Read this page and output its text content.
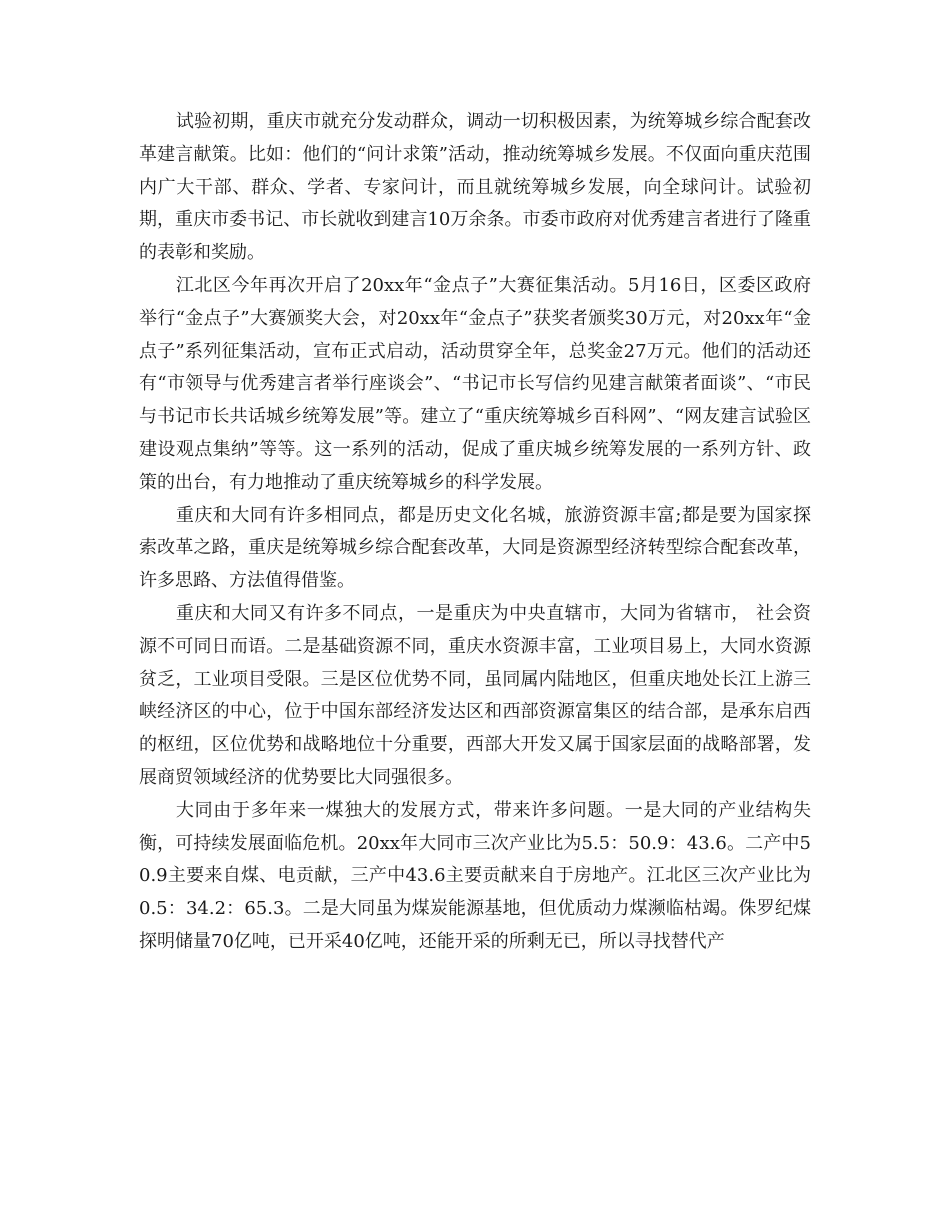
试验初期，重庆市就充分发动群众，调动一切积极因素，为统筹城乡综合配套改革建言献策。比如：他们的“问计求策”活动，推动统筹城乡发展。不仅面向重庆范围内广大干部、群众、学者、专家问计，而且就统筹城乡发展，向全球问计。试验初期，重庆市委书记、市长就收到建言10万余条。市委市政府对优秀建言者进行了隆重的表彰和奖励。

江北区今年再次开启了20xx年“金点子”大赛征集活动。5月16日，区委区政府举行“金点子”大赛颁奖大会，对20xx年“金点子”获奖者颁奖30万元，对20xx年“金点子”系列征集活动，宣布正式启动，活动贯穿全年，总奖金27万元。他们的活动还有“市领导与优秀建言者举行座谈会”、“书记市长写信约见建言献策者面谈”、“市民与书记市长共话城乡统筹发展”等。建立了“重庆统筹城乡百科网”、“网友建言试验区建设观点集纳”等等。这一系列的活动，促成了重庆城乡统筹发展的一系列方针、政策的出台，有力地推动了重庆统筹城乡的科学发展。

重庆和大同有许多相同点，都是历史文化名城，旅游资源丰富;都是要为国家探索改革之路，重庆是统筹城乡综合配套改革，大同是资源型经济转型综合配套改革，许多思路、方法值得借鉴。

重庆和大同又有许多不同点，一是重庆为中央直辖市，大同为省辖市， 社会资源不可同日而语。二是基础资源不同，重庆水资源丰富，工业项目易上，大同水资源贫乏，工业项目受限。三是区位优势不同，虽同属内陆地区，但重庆地处长江上游三峡经济区的中心，位于中国东部经济发达区和西部资源富集区的结合部，是承东启西的枢纽，区位优势和战略地位十分重要，西部大开发又属于国家层面的战略部署，发展商贸领域经济的优势要比大同强很多。

大同由于多年来一煤独大的发展方式，带来许多问题。一是大同的产业结构失衡，可持续发展面临危机。20xx年大同市三次产业比为5.5：50.9：43.6。二产中50.9主要来自煤、电贡献，三产中43.6主要贡献来自于房地产。江北区三次产业比为0.5：34.2：65.3。二是大同虽为煤炭能源基地，但优质动力煤濒临枯竭。侏罗纪煤探明储量70亿吨，已开采40亿吨，还能开采的所剩无已，所以寻找替代产
